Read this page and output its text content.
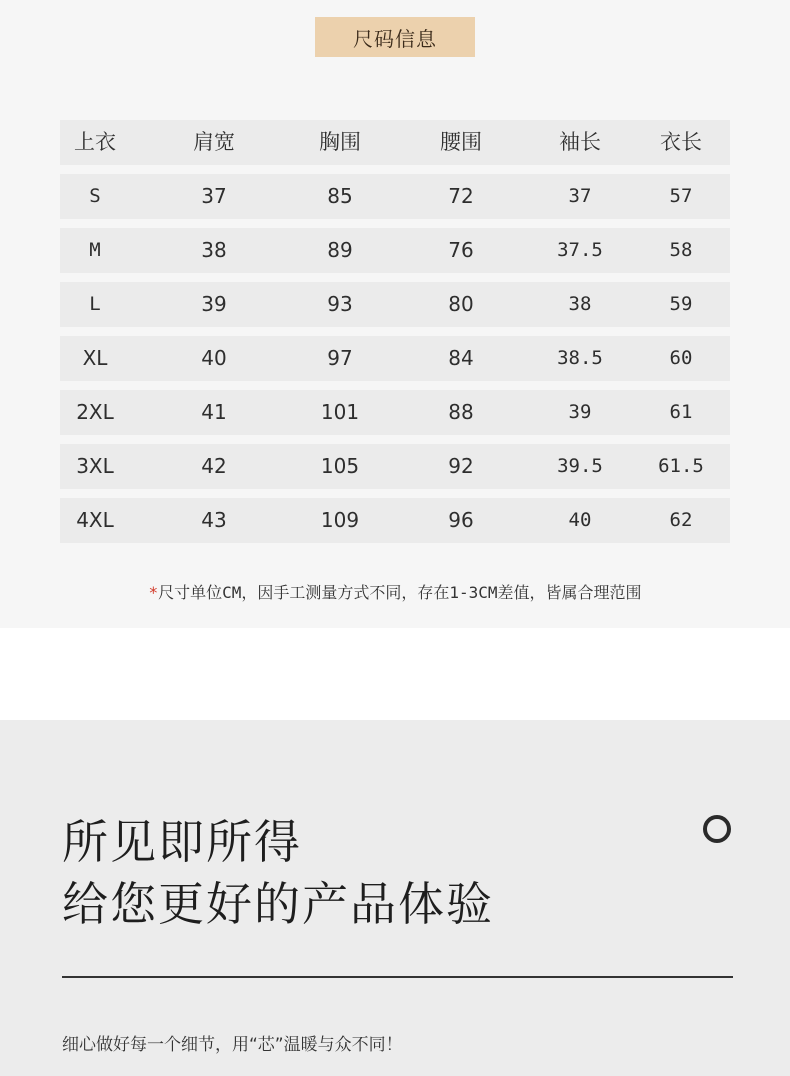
尺码信息
上衣	肩宽	胸围	腰围	袖长	衣长
S	37	85	72	37	57
M	38	89	76	37.5	58
L	39	93	80	38	59
XL	40	97	84	38.5	60
2XL	41	101	88	39	61
3XL	42	105	92	39.5	61.5
4XL	43	109	96	40	62
*尺寸单位CM，因手工测量方式不同，存在1-3CM差值，皆属合理范围
所见即所得
给您更好的产品体验
细心做好每一个细节，用“芯”温暖与众不同！
